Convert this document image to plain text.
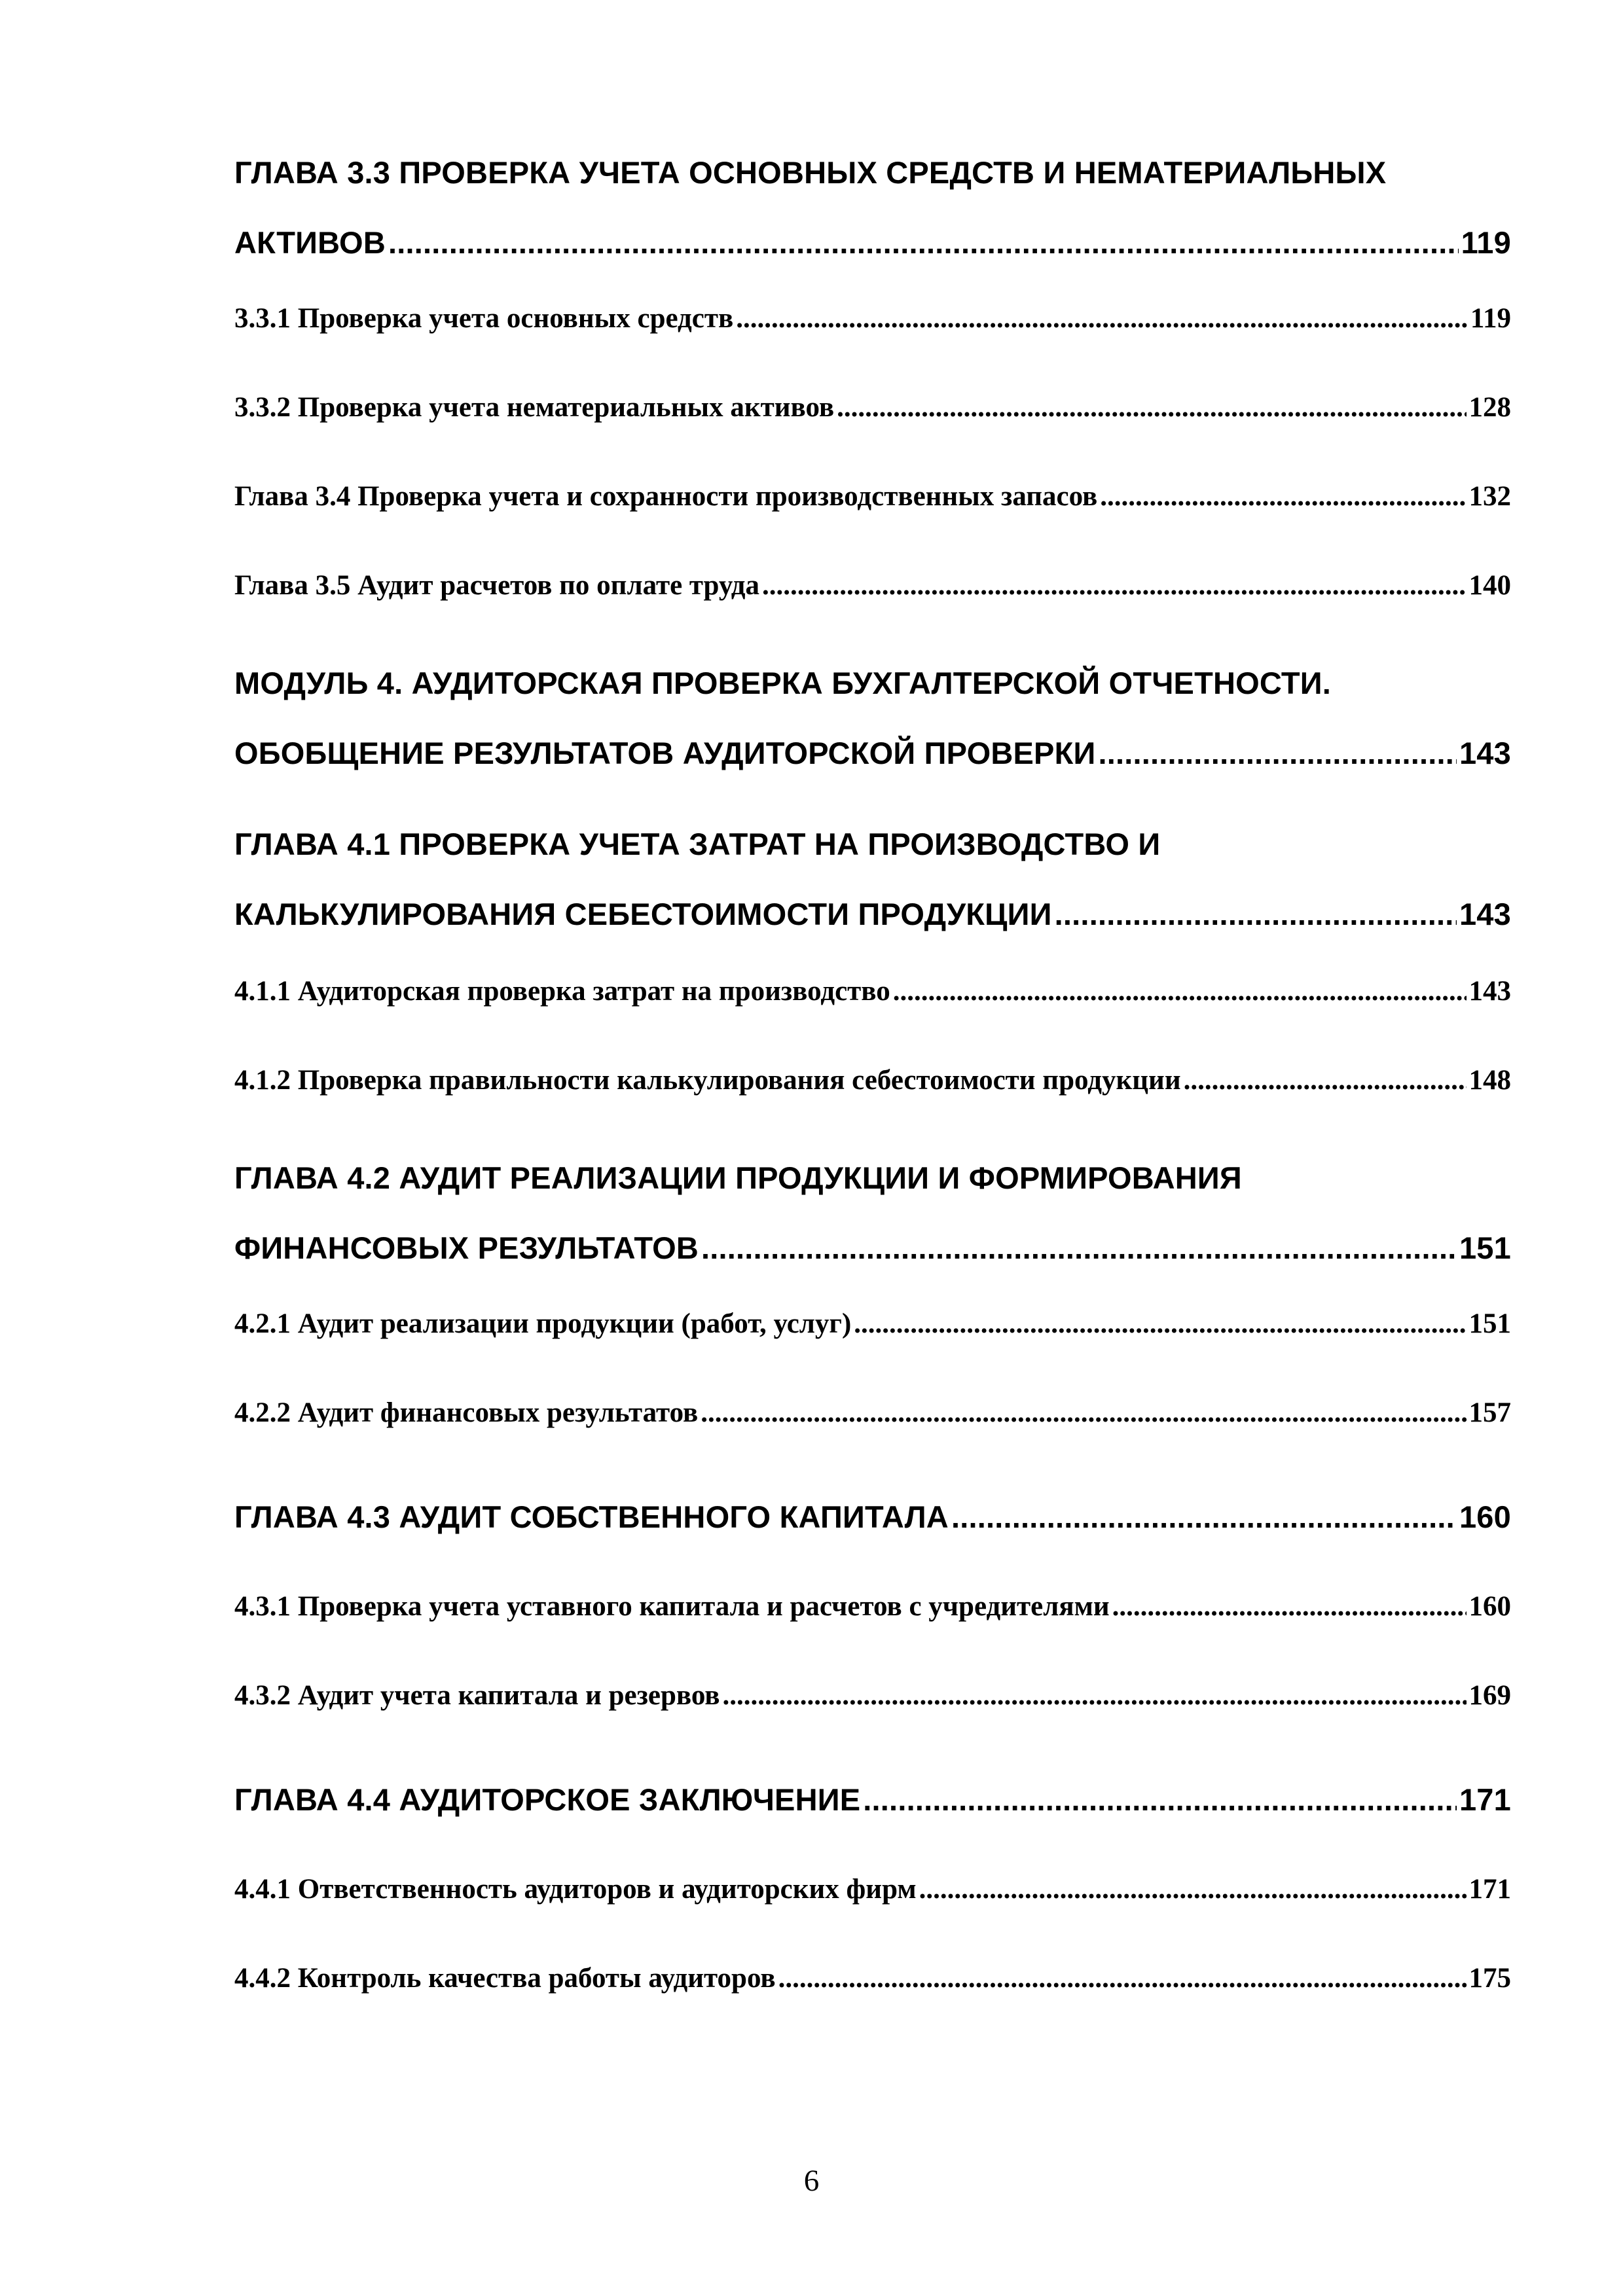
ГЛАВА 3.3 ПРОВЕРКА УЧЕТА ОСНОВНЫХ СРЕДСТВ И НЕМАТЕРИАЛЬНЫХ
АКТИВОВ .....	119
3.3.1 Проверка учета основных средств .....	119
3.3.2 Проверка учета нематериальных активов .....	128
Глава 3.4 Проверка учета и сохранности производственных запасов .....	132
Глава 3.5 Аудит расчетов по оплате труда .....	140
МОДУЛЬ 4. АУДИТОРСКАЯ ПРОВЕРКА БУХГАЛТЕРСКОЙ ОТЧЕТНОСТИ.
ОБОБЩЕНИЕ РЕЗУЛЬТАТОВ АУДИТОРСКОЙ ПРОВЕРКИ .....	143
ГЛАВА 4.1 ПРОВЕРКА УЧЕТА ЗАТРАТ НА ПРОИЗВОДСТВО И
КАЛЬКУЛИРОВАНИЯ СЕБЕСТОИМОСТИ ПРОДУКЦИИ .....	143
4.1.1 Аудиторская проверка затрат на производство .....	143
4.1.2 Проверка правильности калькулирования себестоимости продукции .....	148
ГЛАВА 4.2 АУДИТ РЕАЛИЗАЦИИ ПРОДУКЦИИ И ФОРМИРОВАНИЯ
ФИНАНСОВЫХ РЕЗУЛЬТАТОВ .....	151
4.2.1 Аудит реализации продукции (работ, услуг) .....	151
4.2.2 Аудит финансовых результатов .....	157
ГЛАВА 4.3 АУДИТ СОБСТВЕННОГО КАПИТАЛА .....	160
4.3.1 Проверка учета уставного капитала и расчетов с учредителями .....	160
4.3.2 Аудит учета капитала и резервов .....	169
ГЛАВА 4.4 АУДИТОРСКОЕ ЗАКЛЮЧЕНИЕ .....	171
4.4.1 Ответственность аудиторов и аудиторских фирм .....	171
4.4.2 Контроль качества работы аудиторов .....	175
6
